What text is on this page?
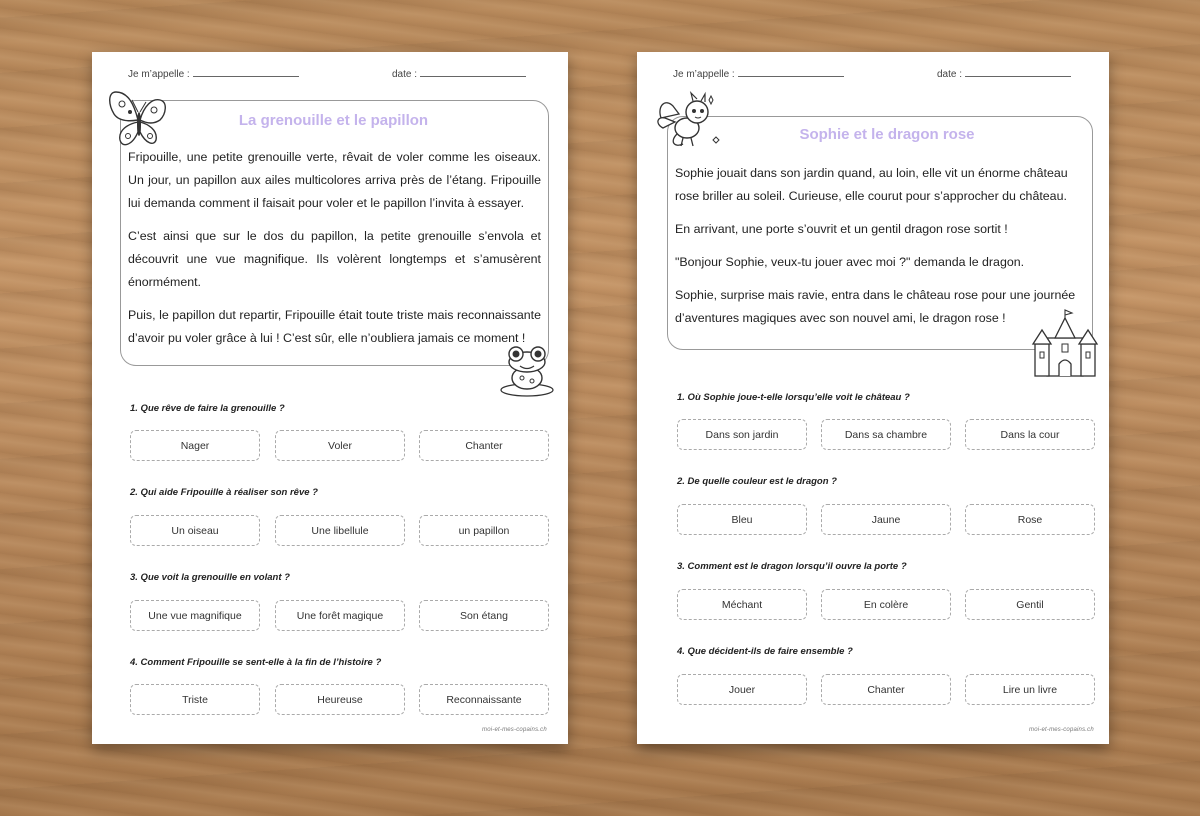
Je m’appelle :	date :
La grenouille et le papillon

Fripouille, une petite grenouille verte, rêvait de voler comme les oiseaux. Un jour, un papillon aux ailes multicolores arriva près de l’étang. Fripouille lui demanda comment il faisait pour voler et le papillon l’invita à essayer.

C’est ainsi que sur le dos du papillon, la petite grenouille s’envola et découvrit une vue magnifique. Ils volèrent longtemps et s’amusèrent énormément.

Puis, le papillon dut repartir, Fripouille était toute triste mais reconnaissante d’avoir pu voler grâce à lui ! C’est sûr, elle n’oubliera jamais ce moment !

1. Que rêve de faire la grenouille ?
Nager	Voler	Chanter
2. Qui aide Fripouille à réaliser son rêve ?
Un oiseau	Une libellule	un papillon
3. Que voit la grenouille en volant ?
Une vue magnifique	Une forêt magique	Son étang
4. Comment Fripouille se sent-elle à la fin de l’histoire ?
Triste	Heureuse	Reconnaissante
moi-et-mes-copains.ch
Je m’appelle :	date :
Sophie et le dragon rose

Sophie jouait dans son jardin quand, au loin, elle vit un énorme château rose briller au soleil. Curieuse, elle courut pour s’approcher du château.

En arrivant, une porte s’ouvrit et un gentil dragon rose sortit !

"Bonjour Sophie, veux-tu jouer avec moi ?" demanda le dragon.

Sophie, surprise mais ravie, entra dans le château rose pour une journée d’aventures magiques avec son nouvel ami, le dragon rose !

1. Où Sophie joue-t-elle lorsqu’elle voit le château ?
Dans son jardin	Dans sa chambre	Dans la cour
2. De quelle couleur est le dragon ?
Bleu	Jaune	Rose
3. Comment est le dragon lorsqu’il ouvre la porte ?
Méchant	En colère	Gentil
4. Que décident-ils de faire ensemble ?
Jouer	Chanter	Lire un livre
moi-et-mes-copains.ch
